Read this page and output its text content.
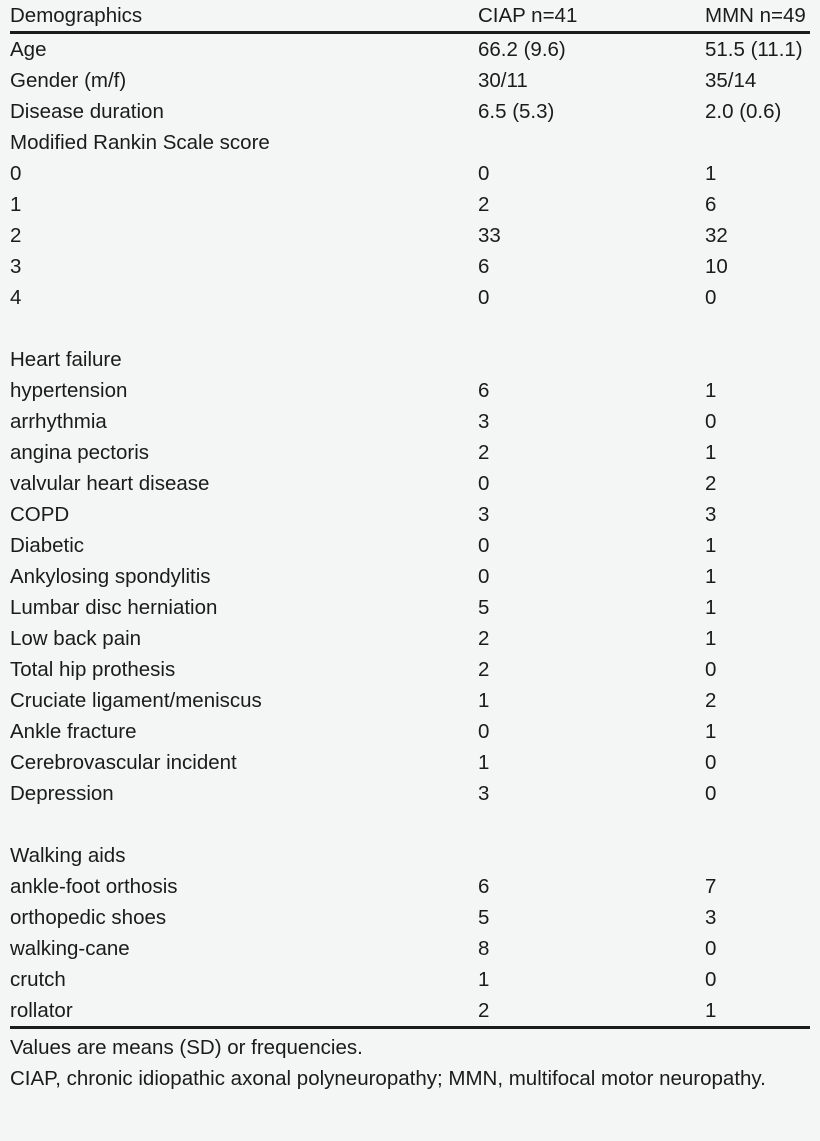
Demographics	CIAP n=41	MMN n=49
Age	66.2 (9.6)	51.5 (11.1)
Gender (m/f)	30/11	35/14
Disease duration	6.5 (5.3)	2.0 (0.6)
Modified Rankin Scale score		
0	0	1
1	2	6
2	33	32
3	6	10
4	0	0

Heart failure		
hypertension	6	1
arrhythmia	3	0
angina pectoris	2	1
valvular heart disease	0	2
COPD	3	3
Diabetic	0	1
Ankylosing spondylitis	0	1
Lumbar disc herniation	5	1
Low back pain	2	1
Total hip prothesis	2	0
Cruciate ligament/meniscus	1	2
Ankle fracture	0	1
Cerebrovascular incident	1	0
Depression	3	0

Walking aids		
ankle-foot orthosis	6	7
orthopedic shoes	5	3
walking-cane	8	0
crutch	1	0
rollator	2	1
Values are means (SD) or frequencies.
CIAP, chronic idiopathic axonal polyneuropathy; MMN, multifocal motor neuropathy.
